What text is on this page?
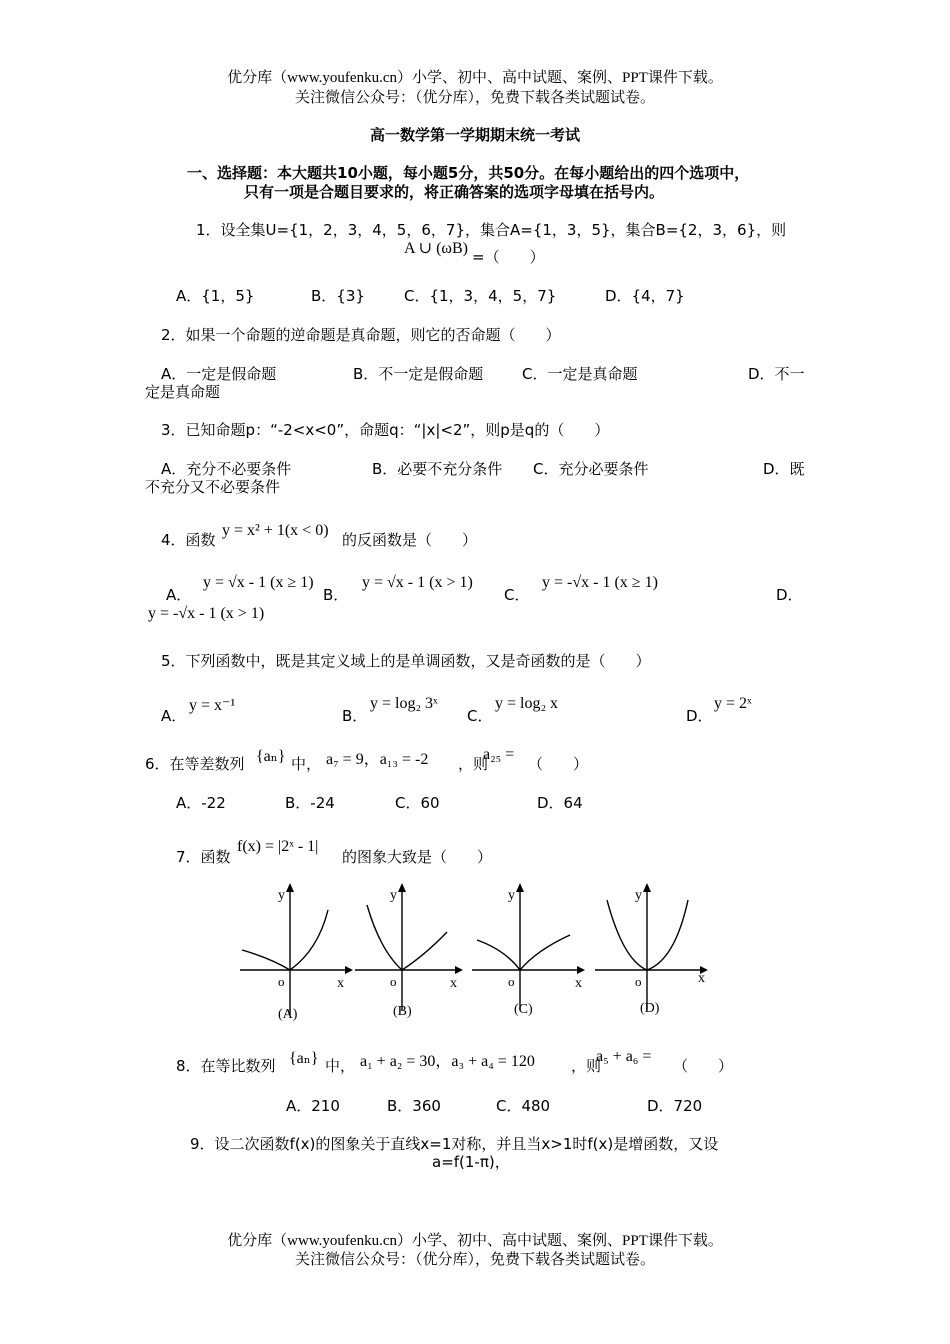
优分库（www.youfenku.cn）小学、初中、高中试题、案例、PPT课件下载。
关注微信公众号：（优分库），免费下载各类试题试卷。
高一数学第一学期期末统一考试
一、选择题：本大题共10小题，每小题5分，共50分。在每小题给出的四个选项中，
只有一项是合题目要求的，将正确答案的选项字母填在括号内。
1．设全集U={1，2，3，4，5，6，7}，集合A={1，3，5}，集合B={2，3，6}，则
A ∪ (ωB) =（　　）
A．{1，5}	B．{3}	C．{1，3，4，5，7}	D．{4，7}
2．如果一个命题的逆命题是真命题，则它的否命题（　　）
A．一定是假命题	B．不一定是假命题	C．一定是真命题	D．不一
定是真命题
3．已知命题p：“-2<x<0”，命题q：“|x|<2”，则p是q的（　　）
A．充分不必要条件	B．必要不充分条件 C．充分必要条件	D．既
不充分又不必要条件
4．函数
y = x² + 1(x < 0)
的反函数是（　　）
A．
y = √x - 1 (x ≥ 1)
B．
y = √x - 1 (x > 1)
C．
y = -√x - 1 (x ≥ 1)
D．
y = -√x - 1 (x > 1)
5．下列函数中，既是其定义域上的是单调函数，又是奇函数的是（　　）
A．
y = x⁻¹
B．
y = log₂ 3ˣ
C．
y = log₂ x
D．
y = 2ˣ
6．在等差数列 {aₙ} 中， a₇ = 9，a₁₃ = -2 ，则
a₂₅ =
（　　）
A．-22	B．-24	C．60	D．64
7．函数
f(x) = |2ˣ - 1|
的图象大致是（　　）
y
x
o
(A)
y
x
o
(B)
y
x
o
(C)
y
x
o
(D)
8．在等比数列 {aₙ} 中， a₁ + a₂ = 30，a₃ + a₄ = 120 ，则
a₅ + a₆ =
（　　）
A．210	B．360	C．480	D．720
9．设二次函数f(x)的图象关于直线x=1对称，并且当x>1时f(x)是增函数，又设
a=f(1-π)，
优分库（www.youfenku.cn）小学、初中、高中试题、案例、PPT课件下载。
关注微信公众号：（优分库），免费下载各类试题试卷。
